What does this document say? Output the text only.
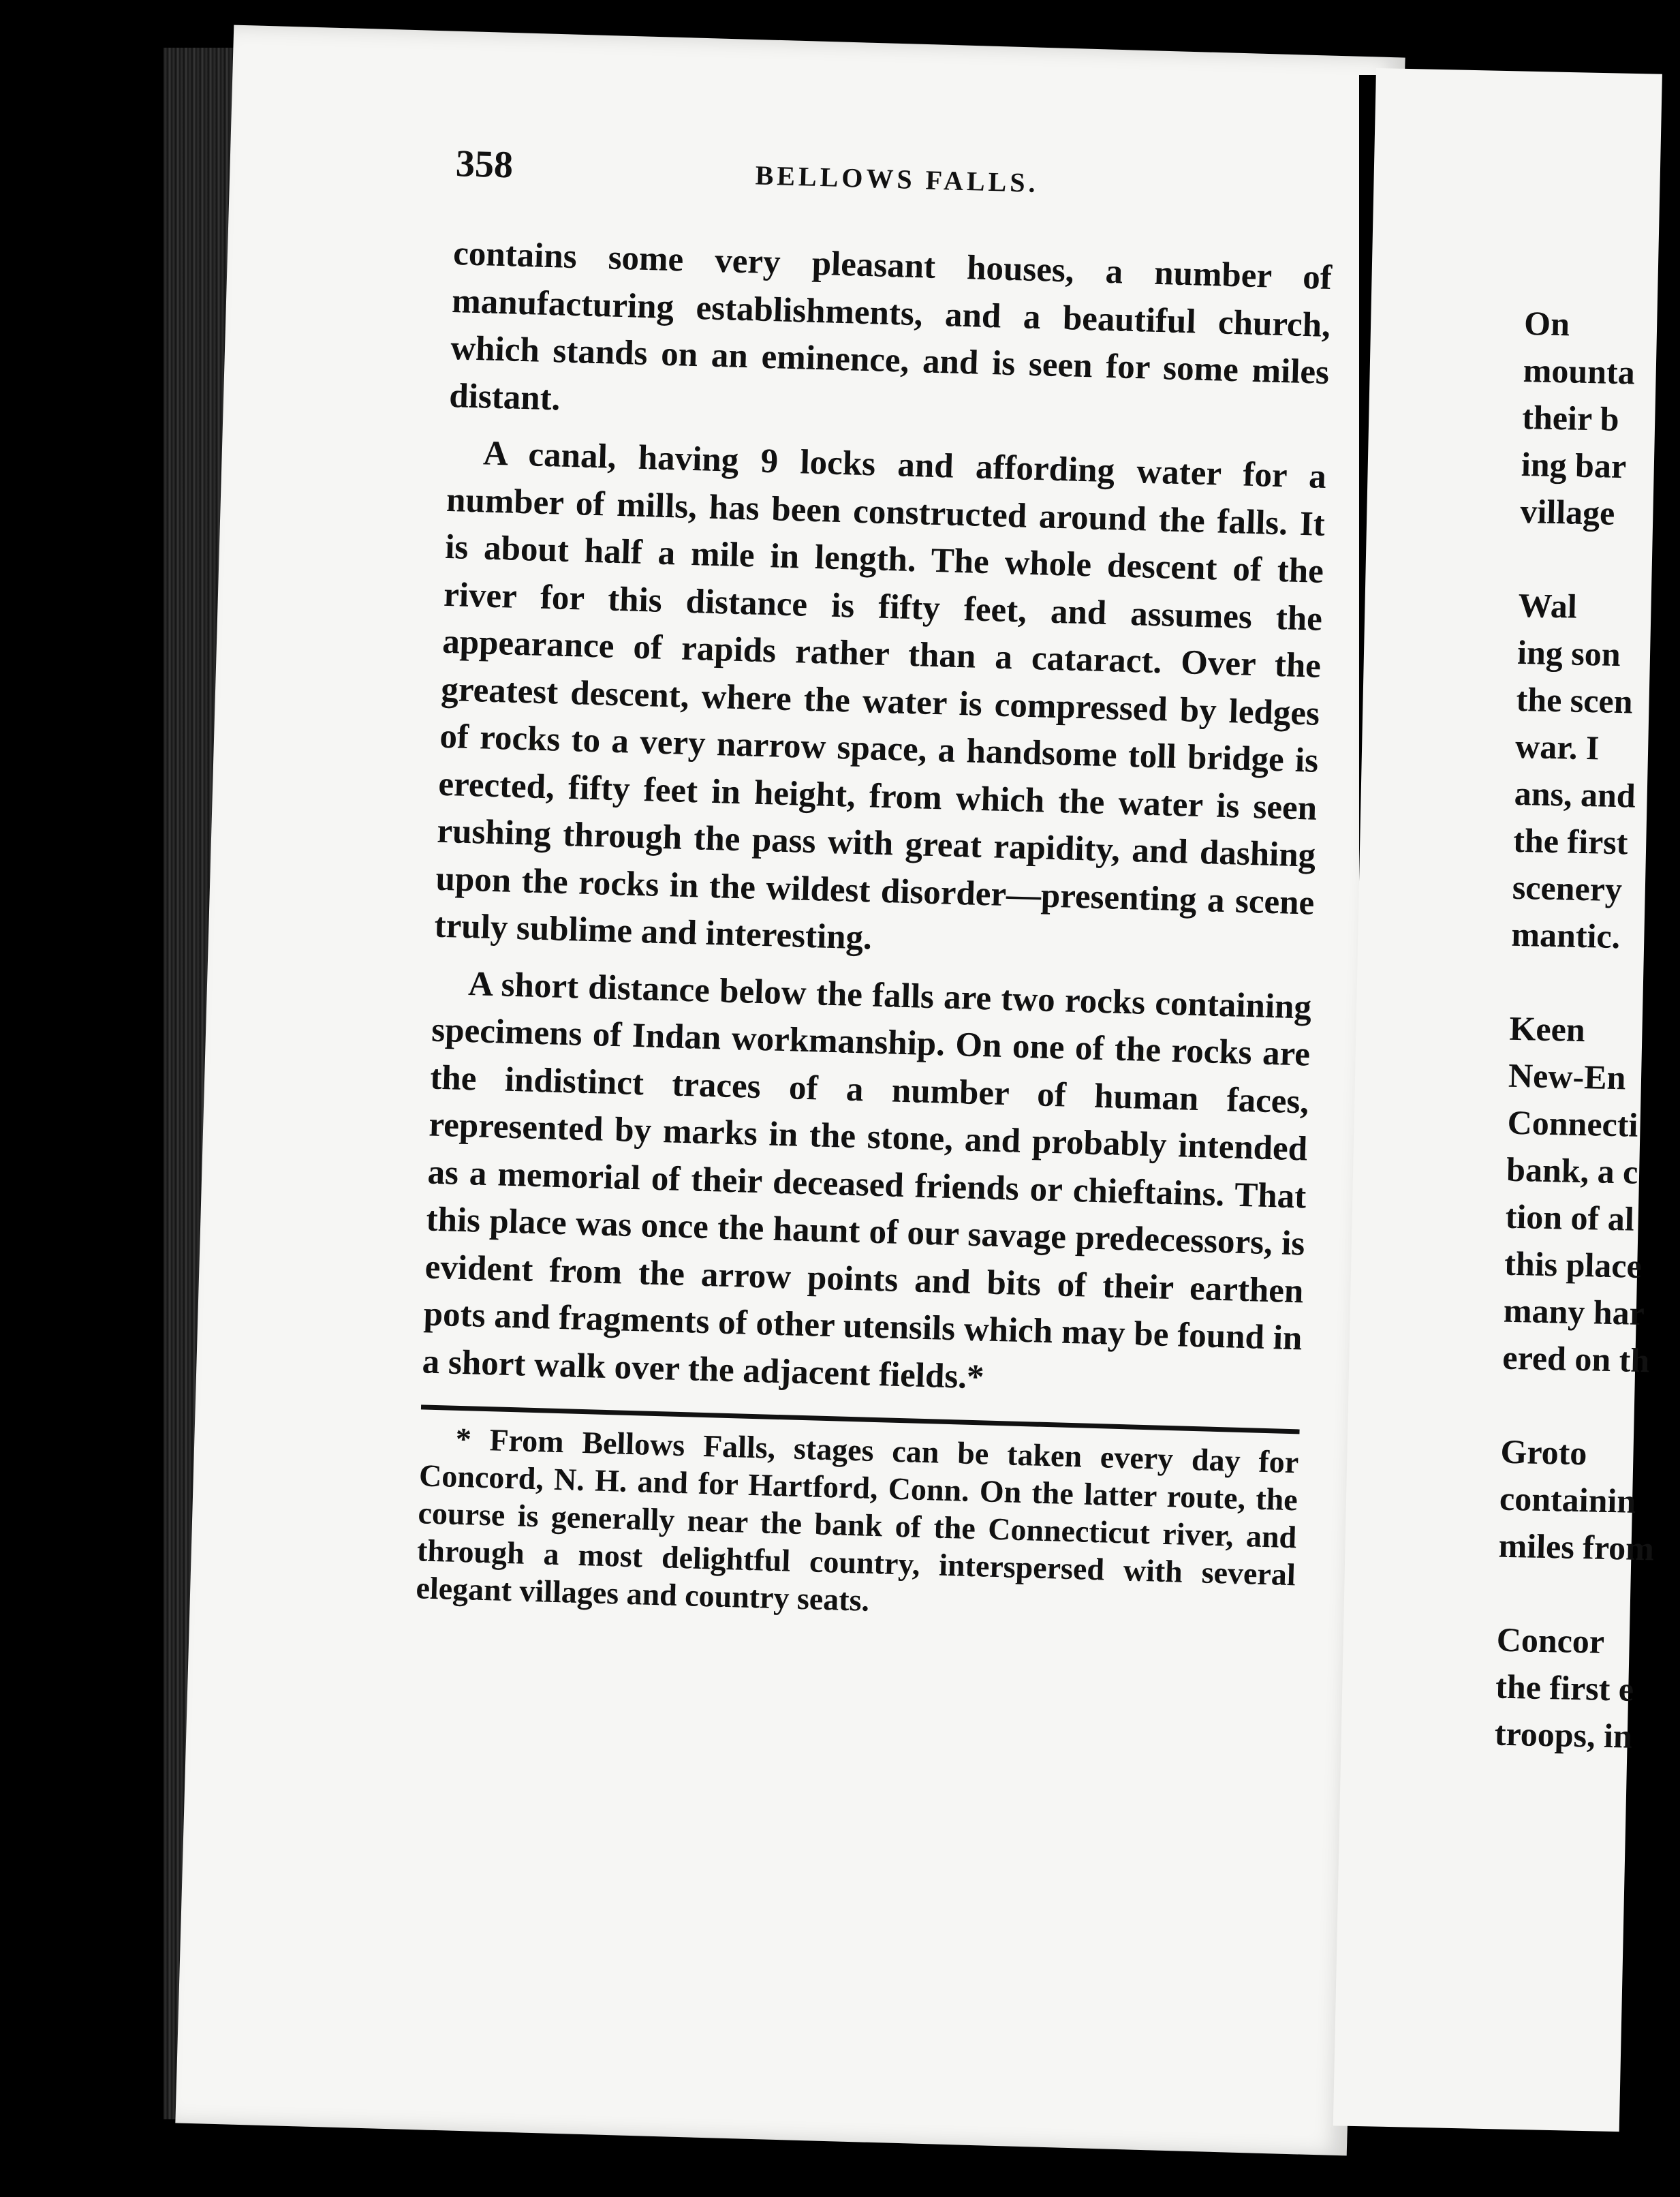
358	BELLOWS FALLS.

contains some very pleasant houses, a number of manufacturing establishments, and a beautiful church, which stands on an eminence, and is seen for some miles distant.

A canal, having 9 locks and affording water for a number of mills, has been constructed around the falls. It is about half a mile in length. The whole descent of the river for this distance is fifty feet, and assumes the appearance of rapids rather than a cataract. Over the greatest descent, where the water is compressed by ledges of rocks to a very narrow space, a handsome toll bridge is erected, fifty feet in height, from which the water is seen rushing through the pass with great rapidity, and dashing upon the rocks in the wildest disorder—presenting a scene truly sublime and interesting.

A short distance below the falls are two rocks containing specimens of Indan workmanship. On one of the rocks are the indistinct traces of a number of human faces, represented by marks in the stone, and probably intended as a memorial of their deceased friends or chieftains. That this place was once the haunt of our savage predecessors, is evident from the arrow points and bits of their earthen pots and fragments of other utensils which may be found in a short walk over the adjacent fields.*

* From Bellows Falls, stages can be taken every day for Concord, N. H. and for Hartford, Conn. On the latter route, the course is generally near the bank of the Connecticut river, and through a most delightful country, interspersed with several elegant villages and country seats.
On
mounta
their b
ing bar
village
Wal
ing son
the scen
war. I
ans, and
the first
scenery
mantic.
Keen
New-En
Connecti
bank, a c
tion of al
this place
many har
ered on th
Groto
containin
miles from
Concor
the first e
troops, in
